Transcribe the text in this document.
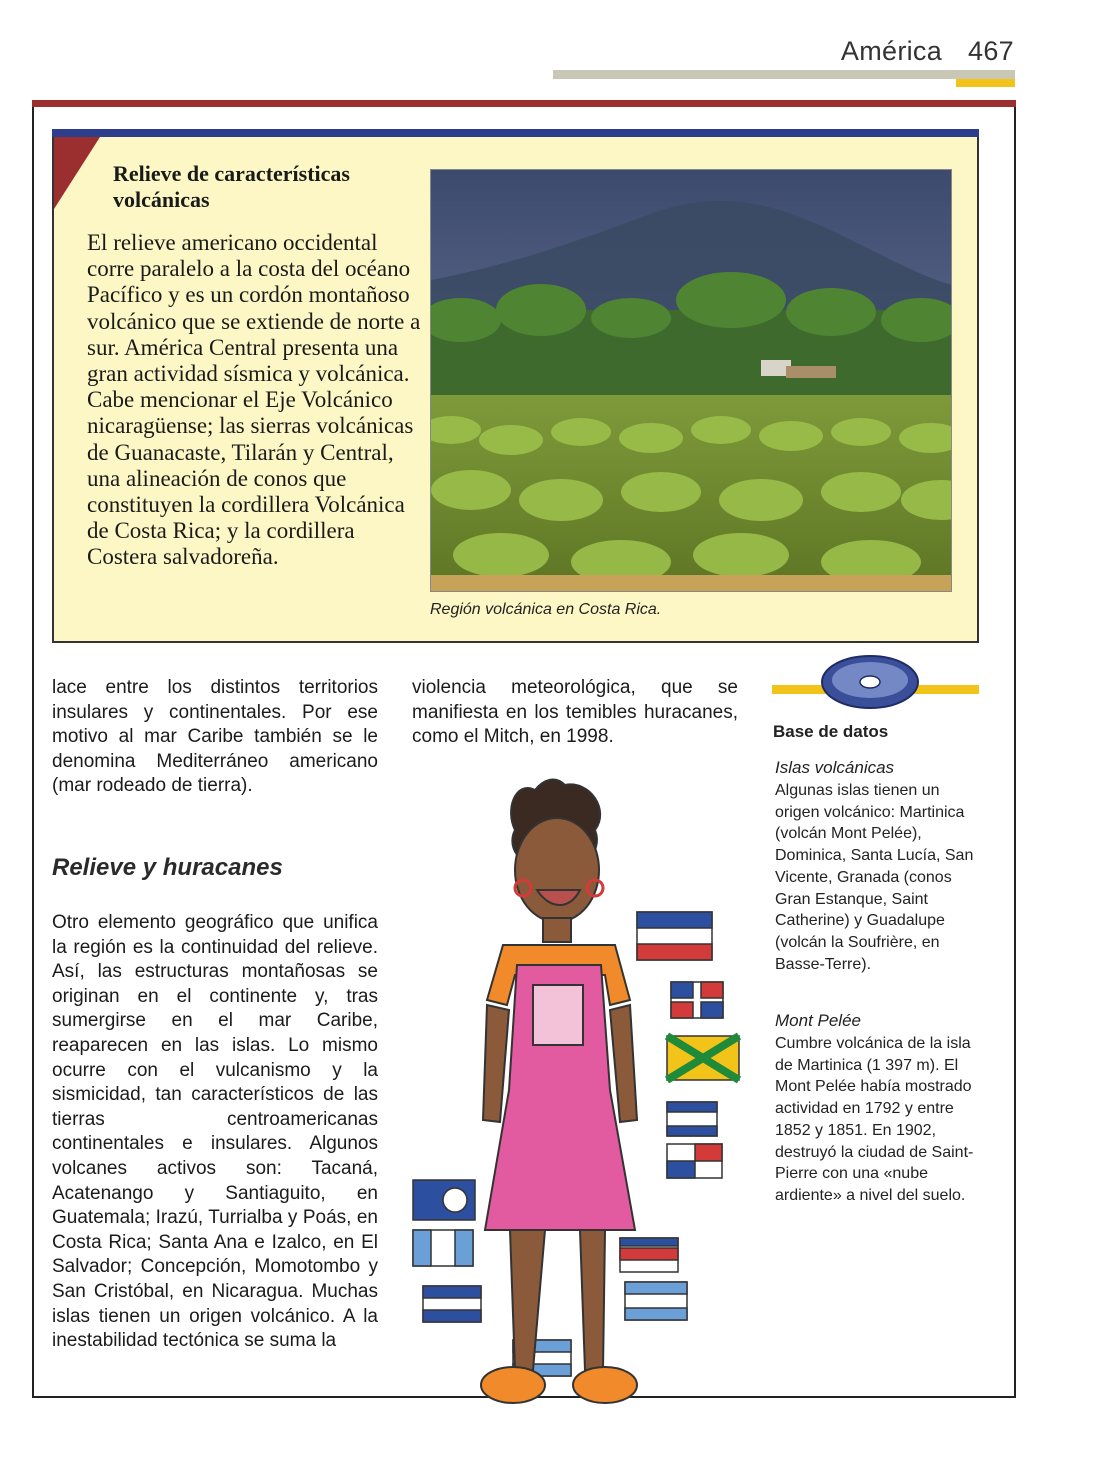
América 467
Relieve de características volcánicas
El relieve americano occidental corre paralelo a la costa del océano Pacífico y es un cordón montañoso volcánico que se extiende de norte a sur. América Central presenta una gran actividad sísmica y volcánica. Cabe mencionar el Eje Volcánico nicaragüense; las sierras volcánicas de Guanacaste, Tilarán y Central, una alineación de conos que constituyen la cordillera Volcánica de Costa Rica; y la cordillera Costera salvadoreña.
Región volcánica en Costa Rica.
lace entre los distintos territorios insulares y continentales. Por ese motivo al mar Caribe también se le denomina Mediterráneo americano (mar rodeado de tierra).
Relieve y huracanes
Otro elemento geográfico que unifica la región es la continuidad del relieve. Así, las estructuras montañosas se originan en el continente y, tras sumergirse en el mar Caribe, reaparecen en las islas. Lo mismo ocurre con el vulcanismo y la sismicidad, tan característicos de las tierras centroamericanas continentales e insulares. Algunos volcanes activos son: Tacaná, Acatenango y Santiaguito, en Guatemala; Irazú, Turrialba y Poás, en Costa Rica; Santa Ana e Izalco, en El Salvador; Concepción, Momotombo y San Cristóbal, en Nicaragua. Muchas islas tienen un origen volcánico. A la inestabilidad tectónica se suma la
violencia meteorológica, que se manifiesta en los temibles huracanes, como el Mitch, en 1998.	Base de datos
Islas volcánicas
Algunas islas tienen un origen volcánico: Martinica (volcán Mont Pelée), Dominica, Santa Lucía, San Vicente, Granada (conos Gran Estanque, Saint Catherine) y Guadalupe (volcán la Soufrière, en Basse-Terre).
Mont Pelée
Cumbre volcánica de la isla de Martinica (1 397 m). El Mont Pelée había mostrado actividad en 1792 y entre 1852 y 1851. En 1902, destruyó la ciudad de Saint-Pierre con una «nube ardiente» a nivel del suelo.
